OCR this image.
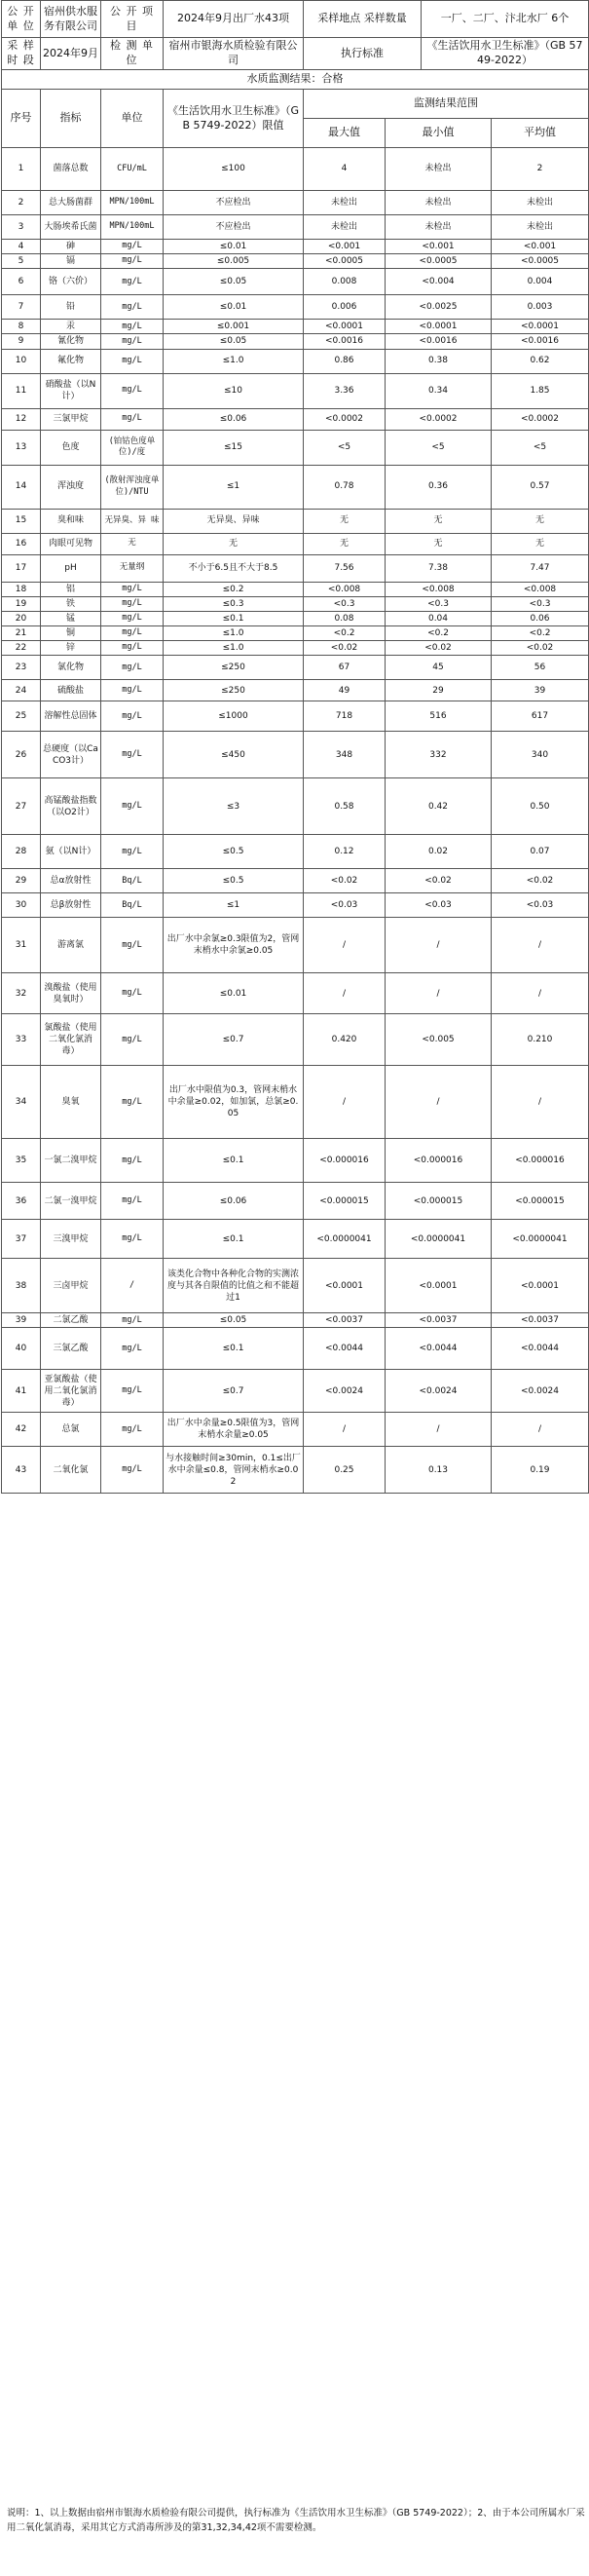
公 开 单 位	宿州供水服务有限公司	公 开 项 目	2024年9月出厂水43项	采样地点 采样数量		一厂、二厂、汴北水厂 6个	
采 样 时 段	2024年9月	检 测 单 位	宿州市银海水质检验有限公司	执行标准		《生活饮用水卫生标准》（GB 5749-2022）	
水质监测结果：合格							
序号	指标	单位	《生活饮用水卫生标准》（GB 5749-2022）限值	监测结果范围			
				最大值	最小值		平均值
1	菌落总数	CFU/mL	≤100	4	未检出		2
2	总大肠菌群	MPN/100mL	不应检出	未检出	未检出		未检出
3	大肠埃希氏菌	MPN/100mL	不应检出	未检出	未检出		未检出
4	砷	mg/L	≤0.01	<0.001	<0.001		<0.001
5	镉	mg/L	≤0.005	<0.0005	<0.0005		<0.0005
6	铬（六价）	mg/L	≤0.05	0.008	<0.004		0.004
7	铅	mg/L	≤0.01	0.006	<0.0025		0.003
8	汞	mg/L	≤0.001	<0.0001	<0.0001		<0.0001
9	氰化物	mg/L	≤0.05	<0.0016	<0.0016		<0.0016
10	氟化物	mg/L	≤1.0	0.86	0.38		0.62
11	硝酸盐（以N计）	mg/L	≤10	3.36	0.34		1.85
12	三氯甲烷	mg/L	≤0.06	<0.0002	<0.0002		<0.0002
13	色度	(铂钴色度单位)/度	≤15	<5	<5		<5
14	浑浊度	(散射浑浊度单位)/NTU	≤1	0.78	0.36		0.57
15	臭和味	无异臭、异 味	无异臭、异味	无	无		无
16	肉眼可见物	无	无	无	无		无
17	pH	无量纲	不小于6.5且不大于8.5	7.56	7.38		7.47
18	铝	mg/L	≤0.2	<0.008	<0.008		<0.008
19	铁	mg/L	≤0.3	<0.3	<0.3		<0.3
20	锰	mg/L	≤0.1	0.08	0.04		0.06
21	铜	mg/L	≤1.0	<0.2	<0.2		<0.2
22	锌	mg/L	≤1.0	<0.02	<0.02		<0.02
23	氯化物	mg/L	≤250	67	45		56
24	硫酸盐	mg/L	≤250	49	29		39
25	溶解性总固体	mg/L	≤1000	718	516		617
26	总硬度（以CaCO3计）	mg/L	≤450	348	332		340
27	高锰酸盐指数（以O2计）	mg/L	≤3	0.58	0.42		0.50
28	氨（以N计）	mg/L	≤0.5	0.12	0.02		0.07
29	总α放射性	Bq/L	≤0.5	<0.02	<0.02		<0.02
30	总β放射性	Bq/L	≤1	<0.03	<0.03		<0.03
31	游离氯	mg/L	出厂水中余氯≥0.3限值为2，管网末梢水中余氯≥0.05	/	/		/
32	溴酸盐（使用臭氧时）	mg/L	≤0.01	/	/		/
33	氯酸盐（使用二氧化氯消毒）	mg/L	≤0.7	0.420	<0.005		0.210
34	臭氧	mg/L	出厂水中限值为0.3，管网末梢水中余量≥0.02，如加氯，总氯≥0.05	/	/		/
35	一氯二溴甲烷	mg/L	≤0.1	<0.000016	<0.000016		<0.000016
36	二氯一溴甲烷	mg/L	≤0.06	<0.000015	<0.000015		<0.000015
37	三溴甲烷	mg/L	≤0.1	<0.0000041	<0.0000041		<0.0000041
38	三卤甲烷	/	该类化合物中各种化合物的实测浓度与其各自限值的比值之和不能超过1	<0.0001	<0.0001		<0.0001
39	二氯乙酸	mg/L	≤0.05	<0.0037	<0.0037		<0.0037
40	三氯乙酸	mg/L	≤0.1	<0.0044	<0.0044		<0.0044
41	亚氯酸盐（使用二氧化氯消毒）	mg/L	≤0.7	<0.0024	<0.0024		<0.0024
42	总氯	mg/L	出厂水中余量≥0.5限值为3，管网末梢水余量≥0.05	/	/		/
43	二氧化氯	mg/L	与水接触时间≥30min，0.1≤出厂水中余量≤0.8，管网末梢水≥0.02	0.25	0.13		0.19
说明：1、以上数据由宿州市银海水质检验有限公司提供，执行标准为《生活饮用水卫生标准》（GB 5749-2022）；2、由于本公司所属水厂采用二氧化氯消毒，采用其它方式消毒所涉及的第31,32,34,42项不需要检测。
